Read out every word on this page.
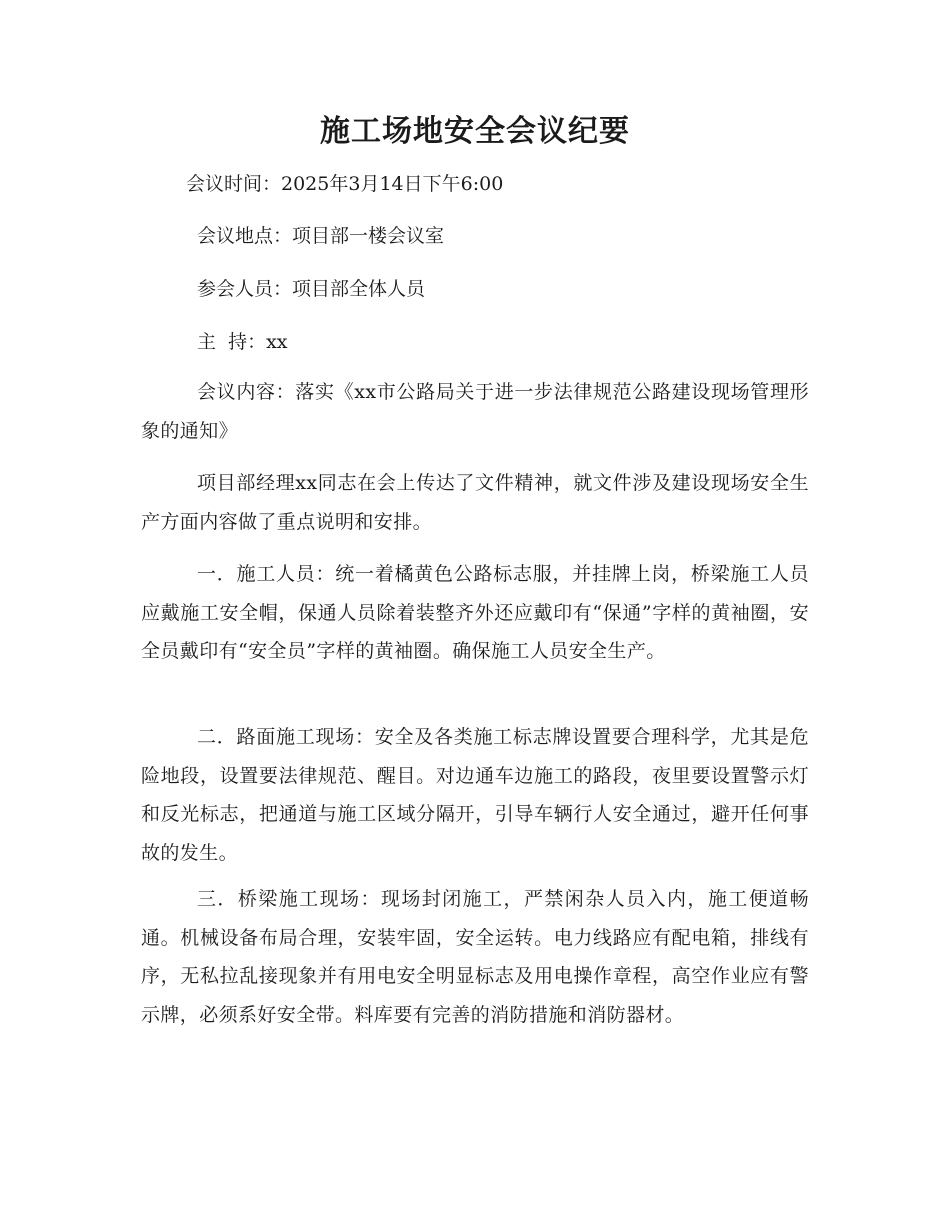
施工场地安全会议纪要

会议时间：2025年3月14日下午6:00

会议地点：项目部一楼会议室

参会人员：项目部全体人员

主  持：xx

会议内容：落实《xx市公路局关于进一步法律规范公路建设现场管理形象的通知》

项目部经理xx同志在会上传达了文件精神，就文件涉及建设现场安全生产方面内容做了重点说明和安排。

一．施工人员：统一着橘黄色公路标志服，并挂牌上岗，桥梁施工人员应戴施工安全帽，保通人员除着装整齐外还应戴印有“保通”字样的黄袖圈，安全员戴印有“安全员”字样的黄袖圈。确保施工人员安全生产。

二．路面施工现场：安全及各类施工标志牌设置要合理科学，尤其是危险地段，设置要法律规范、醒目。对边通车边施工的路段，夜里要设置警示灯和反光标志，把通道与施工区域分隔开，引导车辆行人安全通过，避开任何事故的发生。

三．桥梁施工现场：现场封闭施工，严禁闲杂人员入内，施工便道畅通。机械设备布局合理，安装牢固，安全运转。电力线路应有配电箱，排线有序，无私拉乱接现象并有用电安全明显标志及用电操作章程，高空作业应有警示牌，必须系好安全带。料库要有完善的消防措施和消防器材。
